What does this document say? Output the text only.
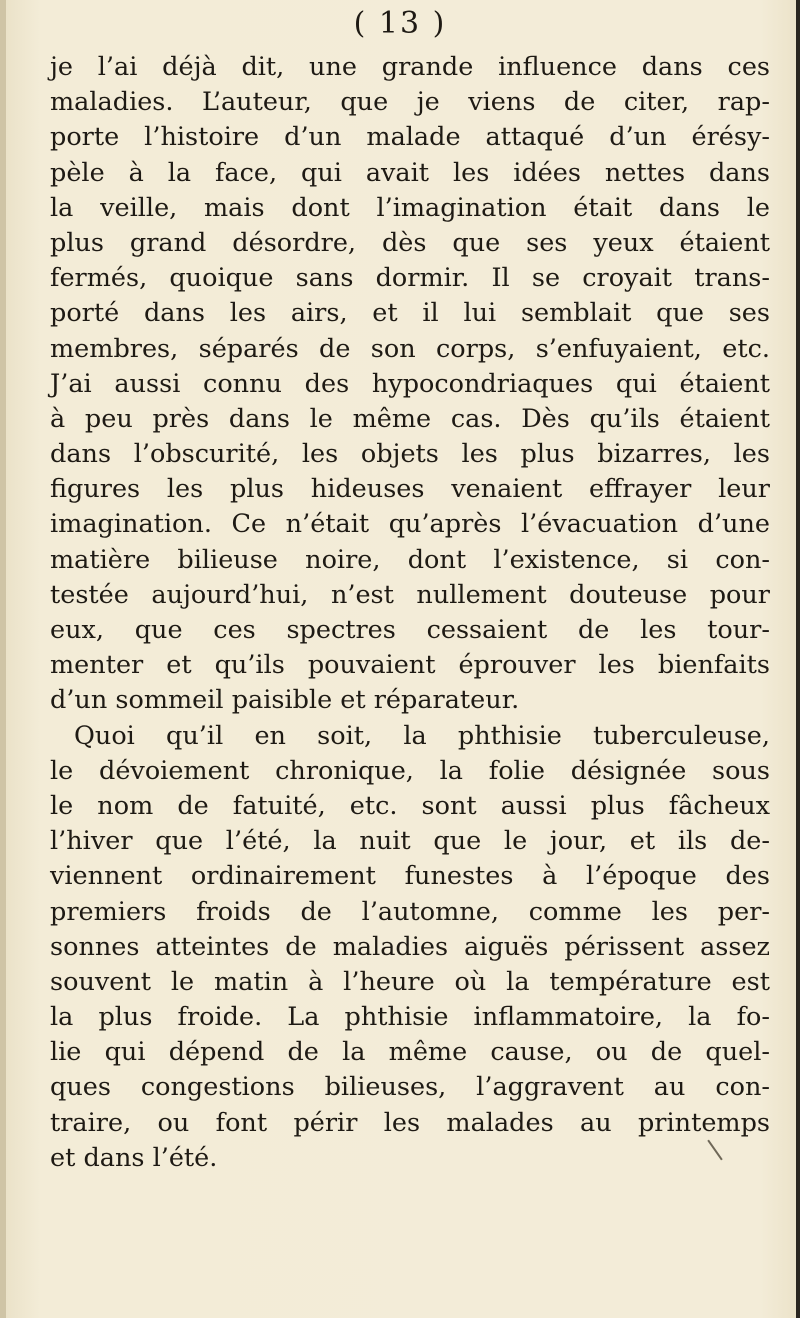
( 13 )
je l’ai déjà dit, une grande influence dans ces
maladies. L’auteur, que je viens de citer, rap-
porte l’histoire d’un malade attaqué d’un érésy-
pèle à la face, qui avait les idées nettes dans
la veille, mais dont l’imagination était dans le
plus grand désordre, dès que ses yeux étaient
fermés, quoique sans dormir. Il se croyait trans-
porté dans les airs, et il lui semblait que ses
membres, séparés de son corps, s’enfuyaient, etc.
J’ai aussi connu des hypocondriaques qui étaient
à peu près dans le même cas. Dès qu’ils étaient
dans l’obscurité, les objets les plus bizarres, les
figures les plus hideuses venaient effrayer leur
imagination. Ce n’était qu’après l’évacuation d’une
matière bilieuse noire, dont l’existence, si con-
testée aujourd’hui, n’est nullement douteuse pour
eux, que ces spectres cessaient de les tour-
menter et qu’ils pouvaient éprouver les bienfaits
d’un sommeil paisible et réparateur.
Quoi qu’il en soit, la phthisie tuberculeuse,
le dévoiement chronique, la folie désignée sous
le nom de fatuité, etc. sont aussi plus fâcheux
l’hiver que l’été, la nuit que le jour, et ils de-
viennent ordinairement funestes à l’époque des
premiers froids de l’automne, comme les per-
sonnes atteintes de maladies aiguës périssent assez
souvent le matin à l’heure où la température est
la plus froide. La phthisie inflammatoire, la fo-
lie qui dépend de la même cause, ou de quel-
ques congestions bilieuses, l’aggravent au con-
traire, ou font périr les malades au printemps
et dans l’été.
